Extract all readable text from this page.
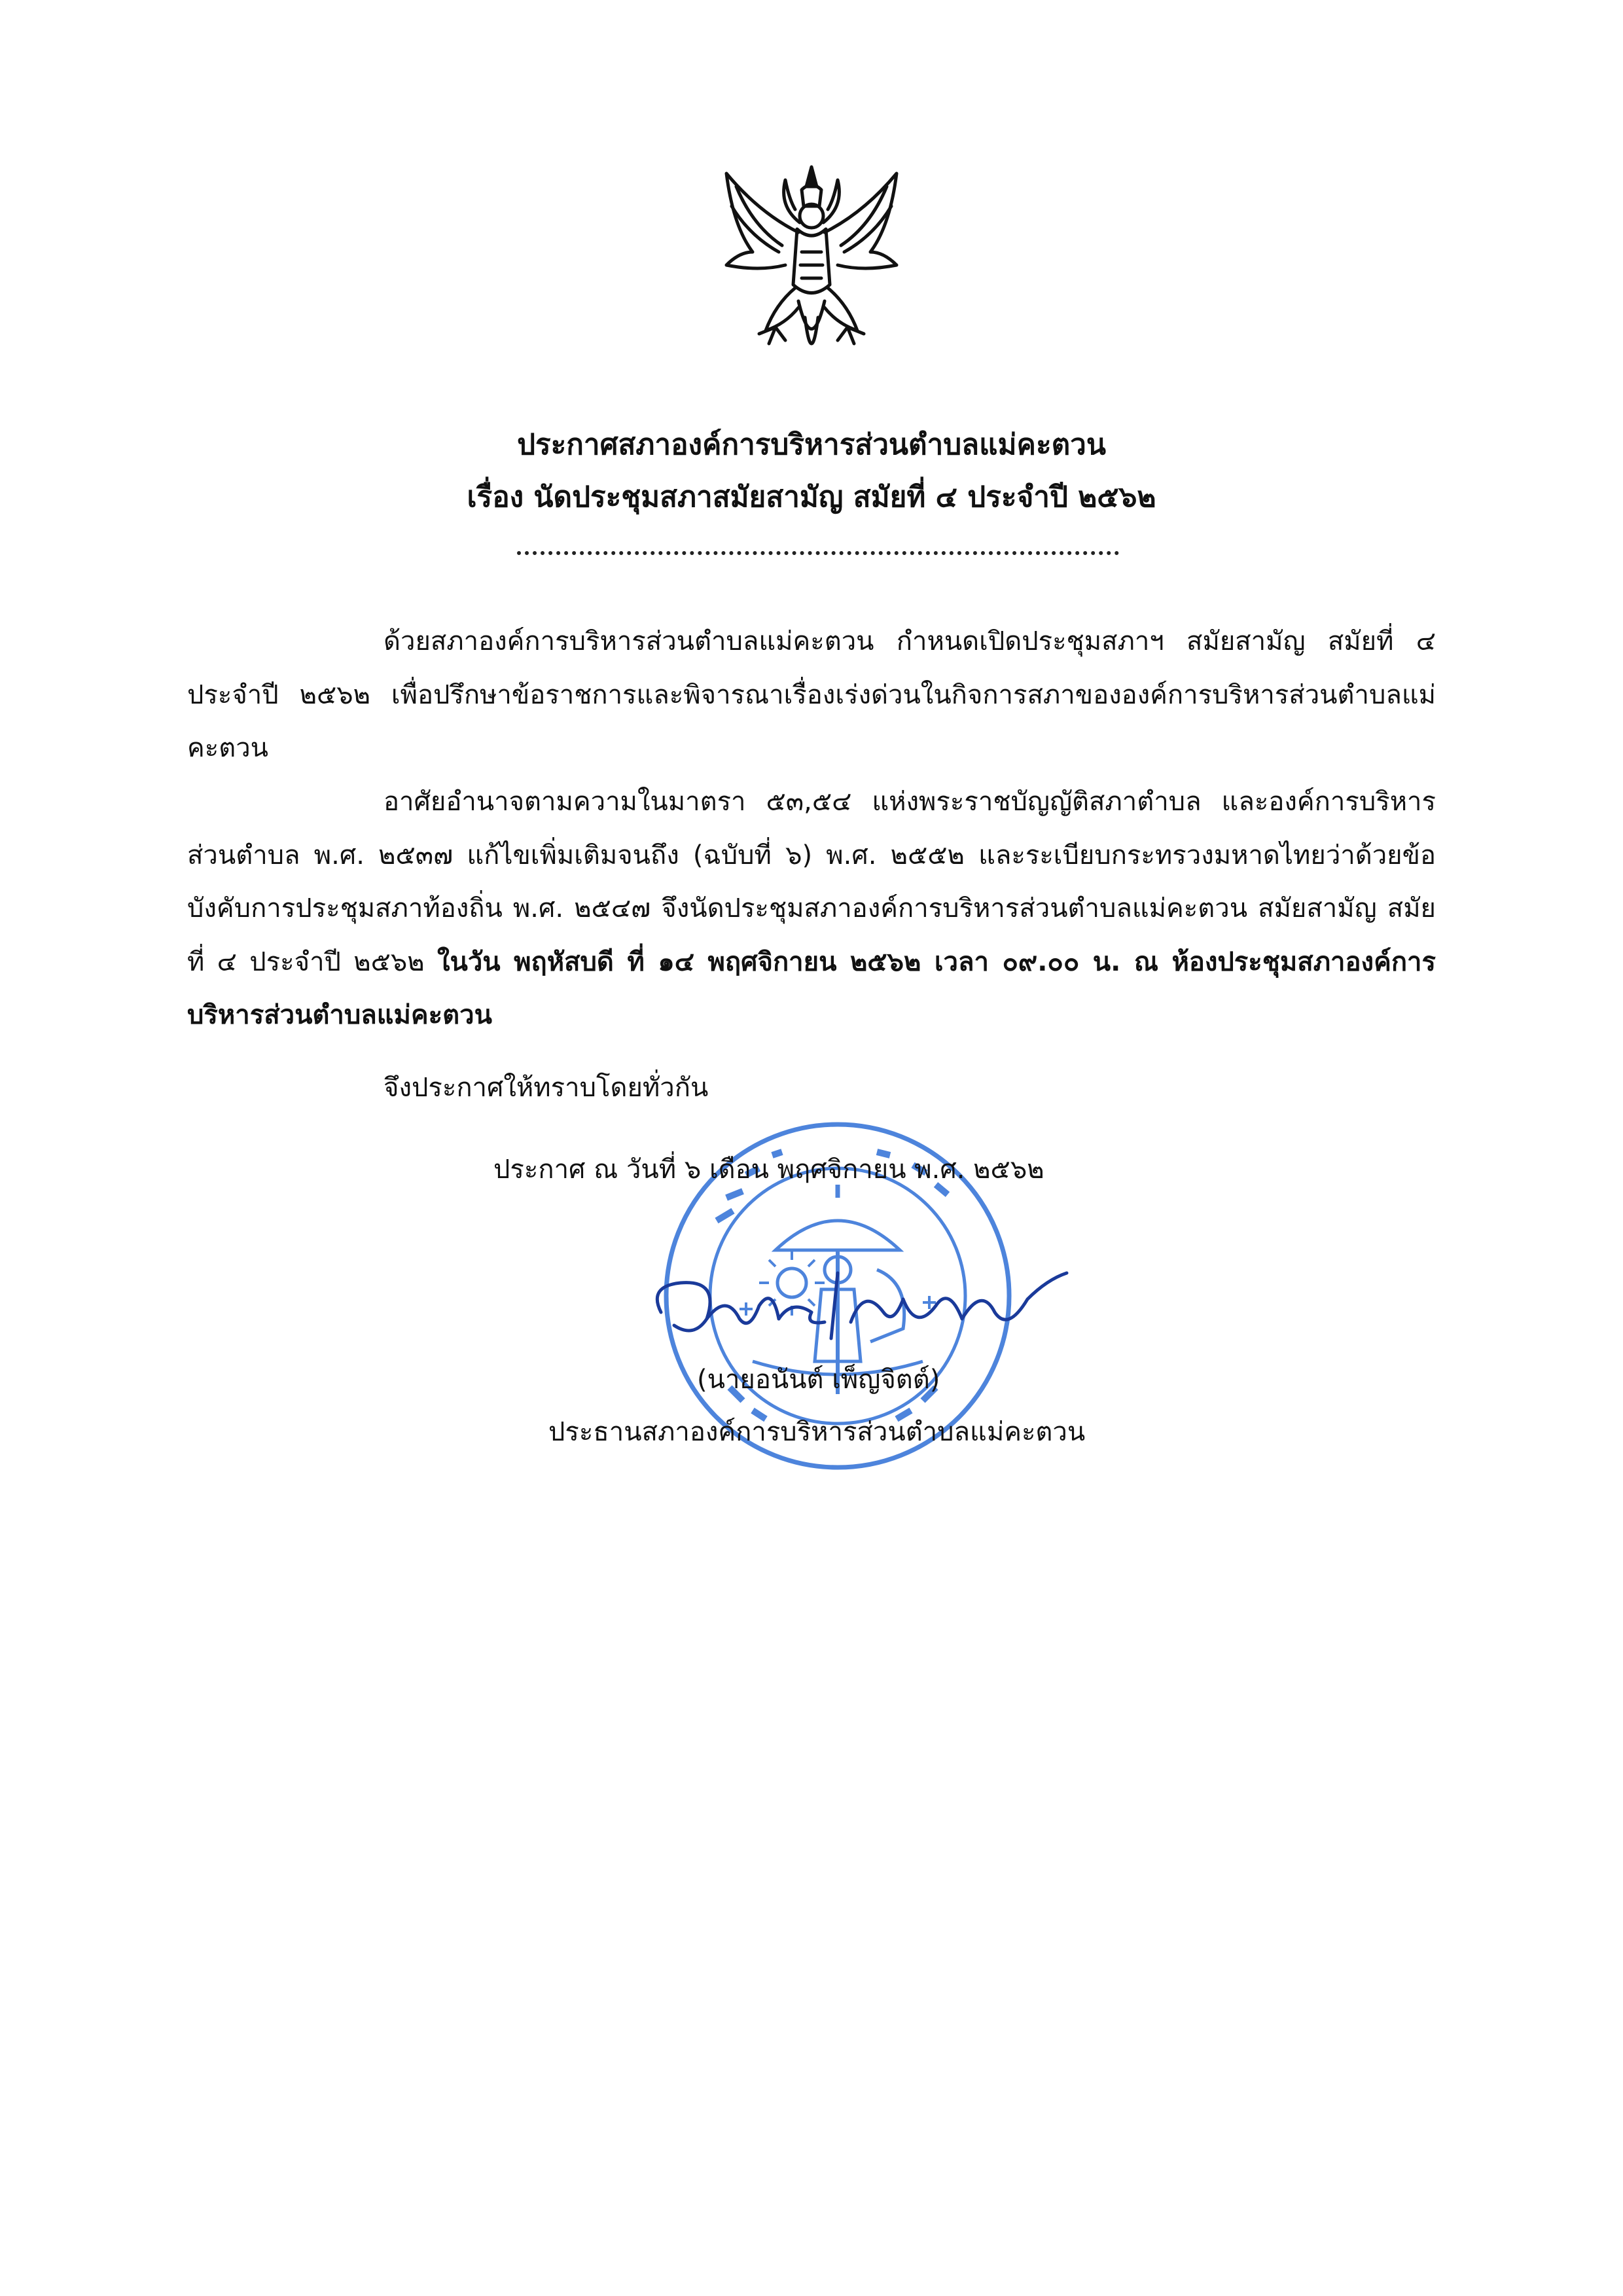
ประกาศสภาองค์การบริหารส่วนตำบลแม่คะตวน
เรื่อง นัดประชุมสภาสมัยสามัญ สมัยที่ ๔ ประจำปี ๒๕๖๒

ด้วยสภาองค์การบริหารส่วนตำบลแม่คะตวน กำหนดเปิดประชุมสภาฯ สมัยสามัญ สมัยที่ ๔ ประจำปี ๒๕๖๒ เพื่อปรึกษาข้อราชการและพิจารณาเรื่องเร่งด่วนในกิจการสภาขององค์การบริหารส่วนตำบลแม่คะตวน

อาศัยอำนาจตามความในมาตรา ๕๓,๕๔ แห่งพระราชบัญญัติสภาตำบล และองค์การบริหารส่วนตำบล พ.ศ. ๒๕๓๗ แก้ไขเพิ่มเติมจนถึง (ฉบับที่ ๖) พ.ศ. ๒๕๕๒ และระเบียบกระทรวงมหาดไทยว่าด้วยข้อบังคับการประชุมสภาท้องถิ่น พ.ศ. ๒๕๔๗ จึงนัดประชุมสภาองค์การบริหารส่วนตำบลแม่คะตวน สมัยสามัญ สมัยที่ ๔ ประจำปี ๒๕๖๒ ในวัน พฤหัสบดี ที่ ๑๔ พฤศจิกายน ๒๕๖๒ เวลา ๐๙.๐๐ น. ณ ห้องประชุมสภาองค์การบริหารส่วนตำบลแม่คะตวน

จึงประกาศให้ทราบโดยทั่วกัน
ประกาศ ณ วันที่ ๖ เดือน พฤศจิกายน พ.ศ. ๒๕๖๒
(นายอนันต์ เพ็ญจิตต์)
ประธานสภาองค์การบริหารส่วนตำบลแม่คะตวน
